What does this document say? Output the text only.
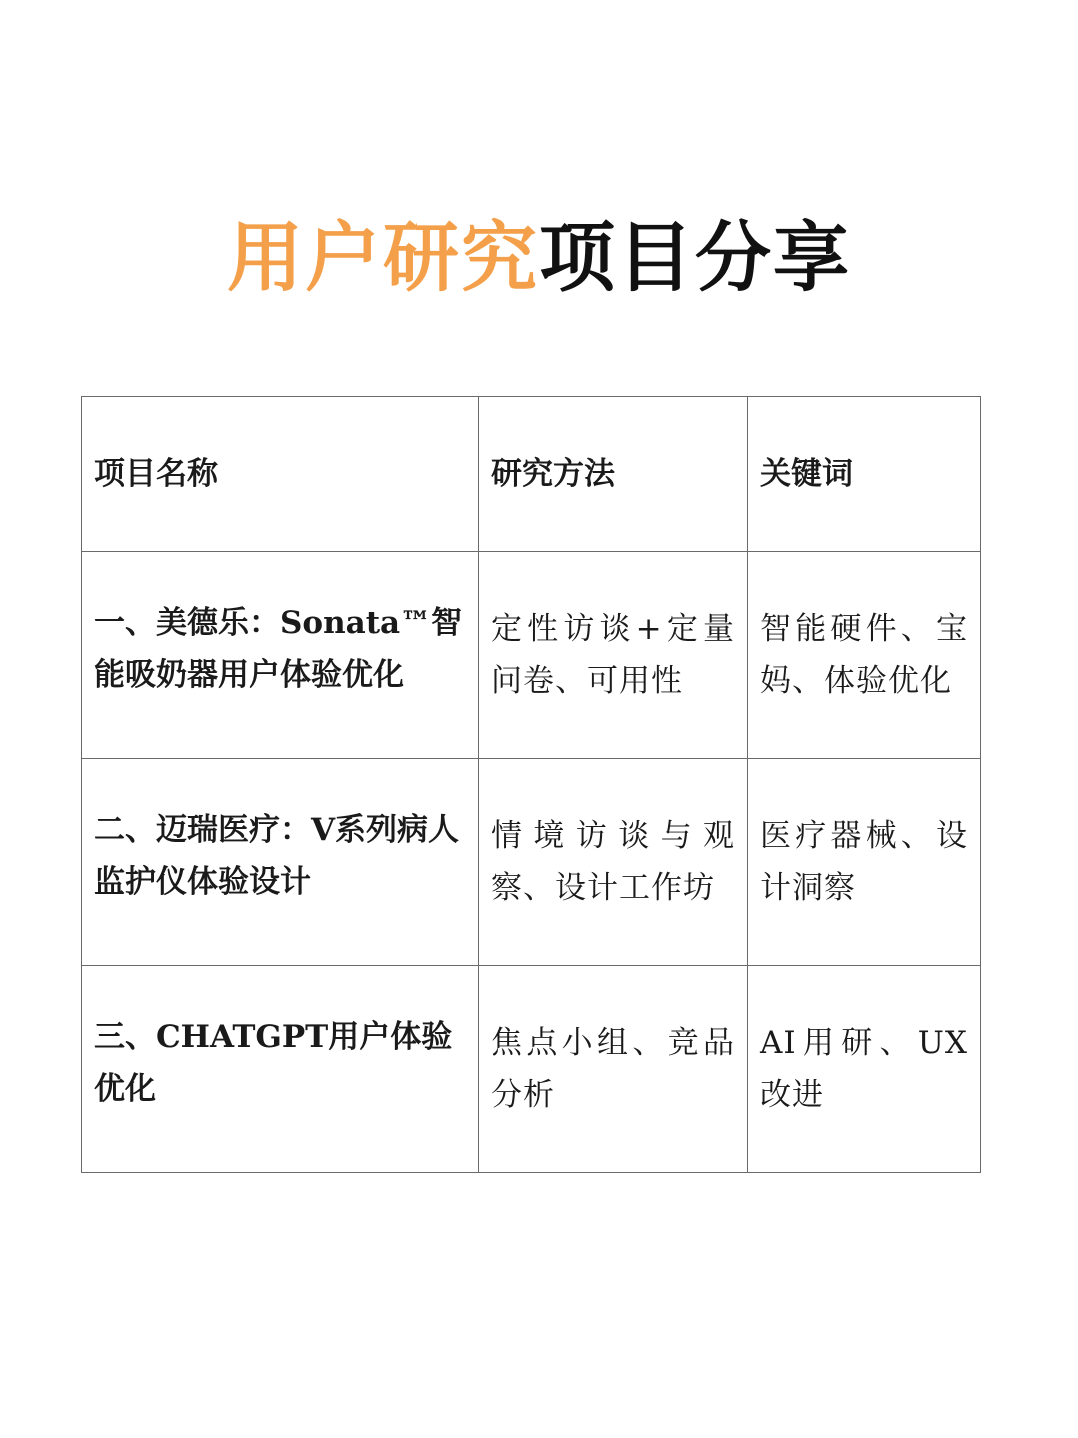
用户研究项目分享
项目名称	研究方法	关键词

一、美德乐：Sonata™智能吸奶器用户体验优化	定性访谈+定量问卷、可用性	智能硬件、宝妈、体验优化

二、迈瑞医疗：V系列病人监护仪体验设计	情境访谈与观察、设计工作坊	医疗器械、设计洞察

三、CHATGPT用户体验优化	焦点小组、竞品分析	AI用研、UX改进
